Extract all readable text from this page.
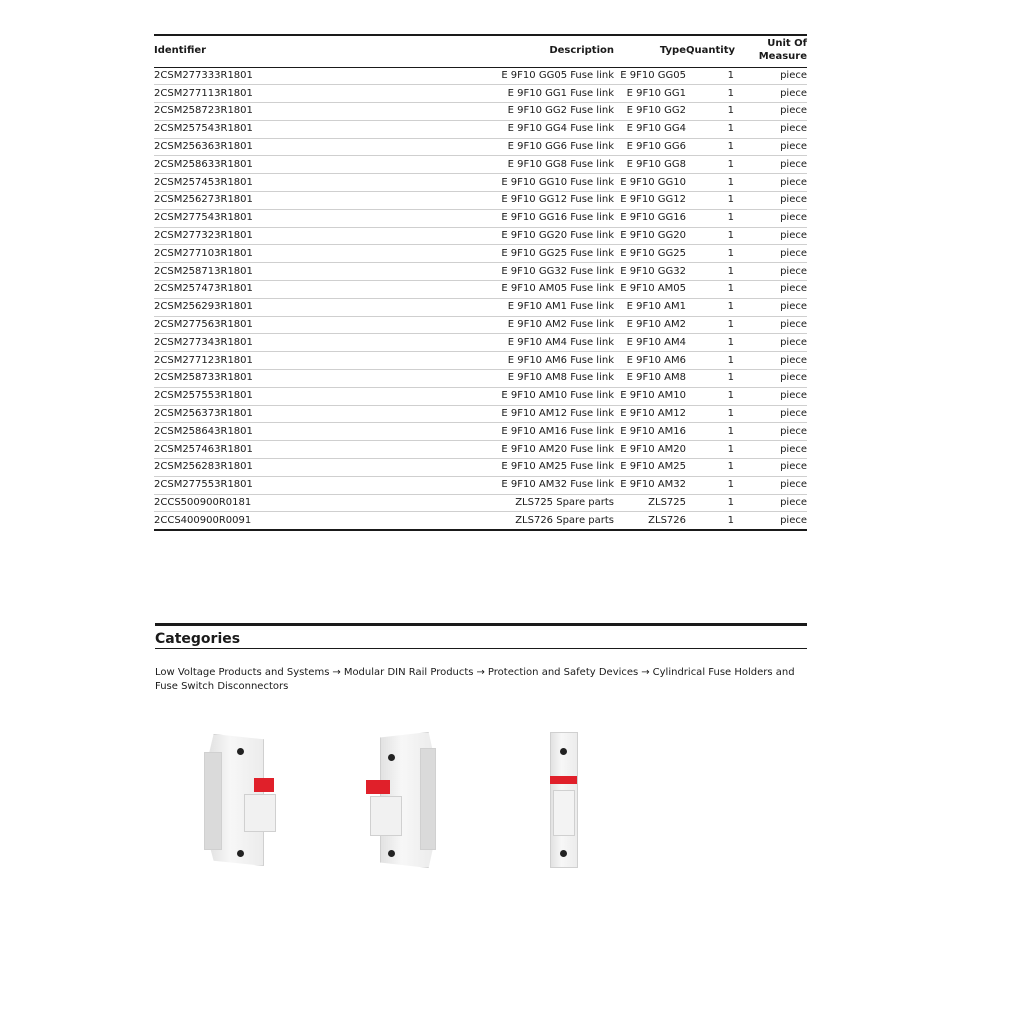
Identifier	Description	Type	Quantity	Unit Of
Measure
2CSM277333R1801	E 9F10 GG05 Fuse link	E 9F10 GG05	1	piece
2CSM277113R1801	E 9F10 GG1 Fuse link	E 9F10 GG1	1	piece
2CSM258723R1801	E 9F10 GG2 Fuse link	E 9F10 GG2	1	piece
2CSM257543R1801	E 9F10 GG4 Fuse link	E 9F10 GG4	1	piece
2CSM256363R1801	E 9F10 GG6 Fuse link	E 9F10 GG6	1	piece
2CSM258633R1801	E 9F10 GG8 Fuse link	E 9F10 GG8	1	piece
2CSM257453R1801	E 9F10 GG10 Fuse link	E 9F10 GG10	1	piece
2CSM256273R1801	E 9F10 GG12 Fuse link	E 9F10 GG12	1	piece
2CSM277543R1801	E 9F10 GG16 Fuse link	E 9F10 GG16	1	piece
2CSM277323R1801	E 9F10 GG20 Fuse link	E 9F10 GG20	1	piece
2CSM277103R1801	E 9F10 GG25 Fuse link	E 9F10 GG25	1	piece
2CSM258713R1801	E 9F10 GG32 Fuse link	E 9F10 GG32	1	piece
2CSM257473R1801	E 9F10 AM05 Fuse link	E 9F10 AM05	1	piece
2CSM256293R1801	E 9F10 AM1 Fuse link	E 9F10 AM1	1	piece
2CSM277563R1801	E 9F10 AM2 Fuse link	E 9F10 AM2	1	piece
2CSM277343R1801	E 9F10 AM4 Fuse link	E 9F10 AM4	1	piece
2CSM277123R1801	E 9F10 AM6 Fuse link	E 9F10 AM6	1	piece
2CSM258733R1801	E 9F10 AM8 Fuse link	E 9F10 AM8	1	piece
2CSM257553R1801	E 9F10 AM10 Fuse link	E 9F10 AM10	1	piece
2CSM256373R1801	E 9F10 AM12 Fuse link	E 9F10 AM12	1	piece
2CSM258643R1801	E 9F10 AM16 Fuse link	E 9F10 AM16	1	piece
2CSM257463R1801	E 9F10 AM20 Fuse link	E 9F10 AM20	1	piece
2CSM256283R1801	E 9F10 AM25 Fuse link	E 9F10 AM25	1	piece
2CSM277553R1801	E 9F10 AM32 Fuse link	E 9F10 AM32	1	piece
2CCS500900R0181	ZLS725 Spare parts	ZLS725	1	piece
2CCS400900R0091	ZLS726 Spare parts	ZLS726	1	piece
Categories
Low Voltage Products and Systems → Modular DIN Rail Products → Protection and Safety Devices → Cylindrical Fuse Holders and Fuse Switch Disconnectors
